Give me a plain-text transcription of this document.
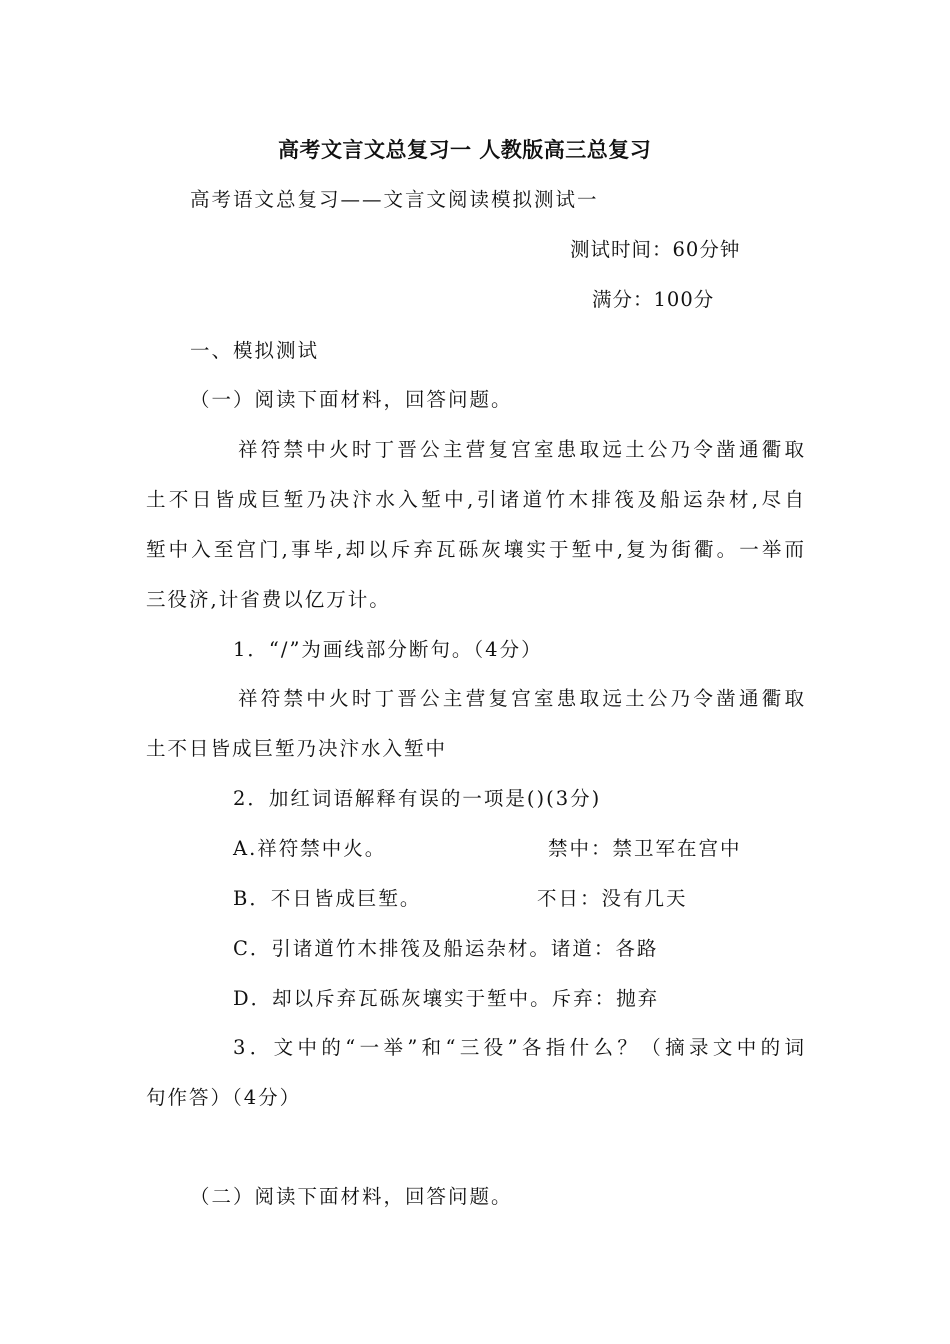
高考文言文总复习一 人教版高三总复习
高考语文总复习——文言文阅读模拟测试一
测试时间：60分钟
满分：100分
一、模拟测试
（一）阅读下面材料，回答问题。
祥符禁中火时丁晋公主营复宫室患取远土公乃令凿通衢取
土不日皆成巨堑乃决汴水入堑中,引诸道竹木排筏及船运杂材,尽自
堑中入至宫门,事毕,却以斥弃瓦砾灰壤实于堑中,复为街衢。一举而
三役济,计省费以亿万计。
1．“/”为画线部分断句。（4分）
祥符禁中火时丁晋公主营复宫室患取远土公乃令凿通衢取
土不日皆成巨堑乃决汴水入堑中
2．加红词语解释有误的一项是()(3分)
A.祥符禁中火。	禁中：禁卫军在宫中
B．不日皆成巨堑。	不日：没有几天
C．引诸道竹木排筏及船运杂材。诸道：各路
D．却以斥弃瓦砾灰壤实于堑中。斥弃：抛弃
3．文中的“一举”和“三役”各指什么？（摘录文中的词
句作答）（4分）
（二）阅读下面材料，回答问题。
